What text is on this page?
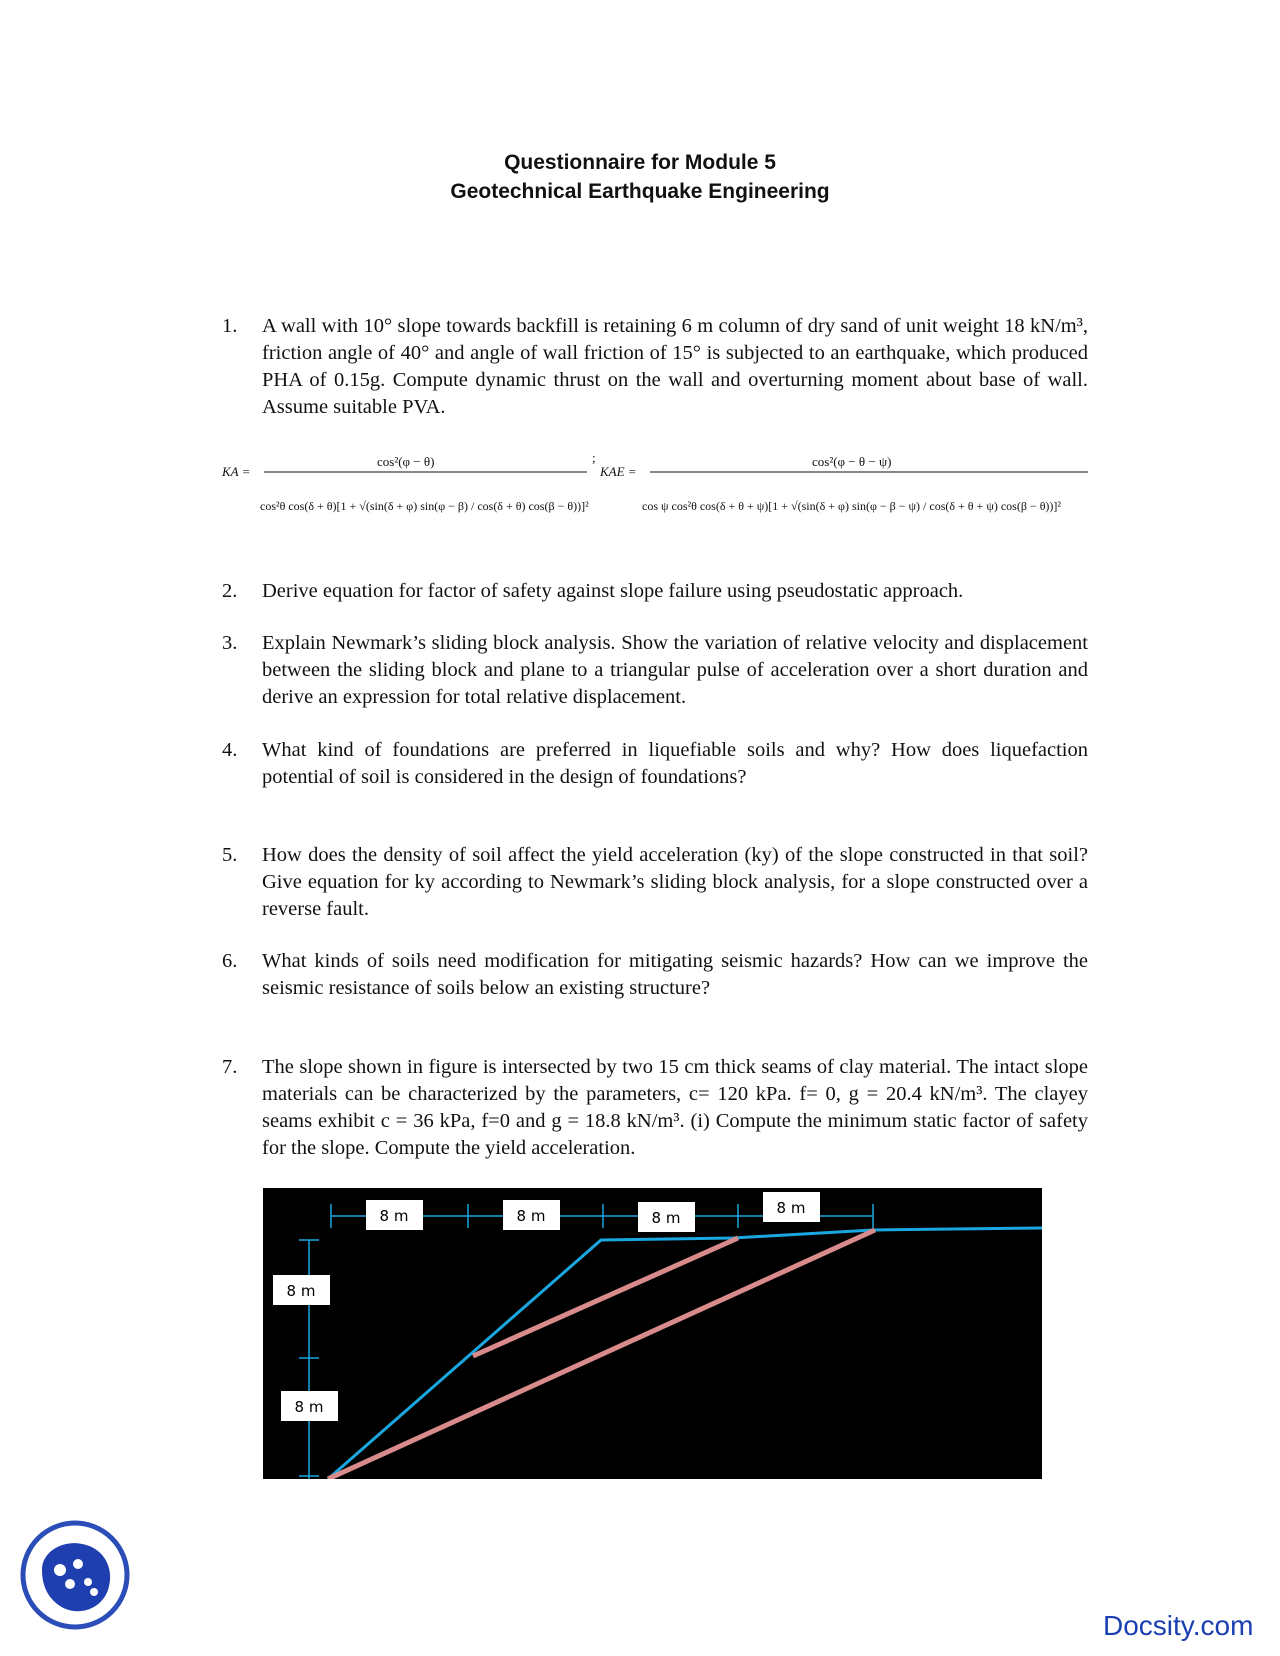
Questionnaire for Module 5
Geotechnical Earthquake Engineering
1.	A wall with 10° slope towards backfill is retaining 6 m column of dry sand of unit weight 18 kN/m³, friction angle of 40° and angle of wall friction of 15° is subjected to an earthquake, which produced PHA of 0.15g. Compute dynamic thrust on the wall and overturning moment about base of wall. Assume suitable PVA.
KA =
cos²(φ − θ)
cos²θ cos(δ + θ)[1 + √(sin(δ + φ) sin(φ − β) / cos(δ + θ) cos(β − θ))]²
;
KAE =
cos²(φ − θ − ψ)
cos ψ cos²θ cos(δ + θ + ψ)[1 + √(sin(δ + φ) sin(φ − β − ψ) / cos(δ + θ + ψ) cos(β − θ))]²
2.	Derive equation for factor of safety against slope failure using pseudostatic approach.
3.	Explain Newmark’s sliding block analysis. Show the variation of relative velocity and displacement between the sliding block and plane to a triangular pulse of acceleration over a short duration and derive an expression for total relative displacement.
4.	What kind of foundations are preferred in liquefiable soils and why? How does liquefaction potential of soil is considered in the design of foundations?
5.	How does the density of soil affect the yield acceleration (ky) of the slope constructed in that soil? Give equation for ky according to Newmark’s sliding block analysis, for a slope constructed over a reverse fault.
6.	What kinds of soils need modification for mitigating seismic hazards? How can we improve the seismic resistance of soils below an existing structure?
7.	The slope shown in figure is intersected by two 15 cm thick seams of clay material. The intact slope materials can be characterized by the parameters, c= 120 kPa. f= 0, g = 20.4 kN/m³. The clayey seams exhibit c = 36 kPa, f=0 and g = 18.8 kN/m³. (i) Compute the minimum static factor of safety for the slope. Compute the yield acceleration.
8 m	8 m	8 m
8 m
8 m
8 m
Docsity.com
